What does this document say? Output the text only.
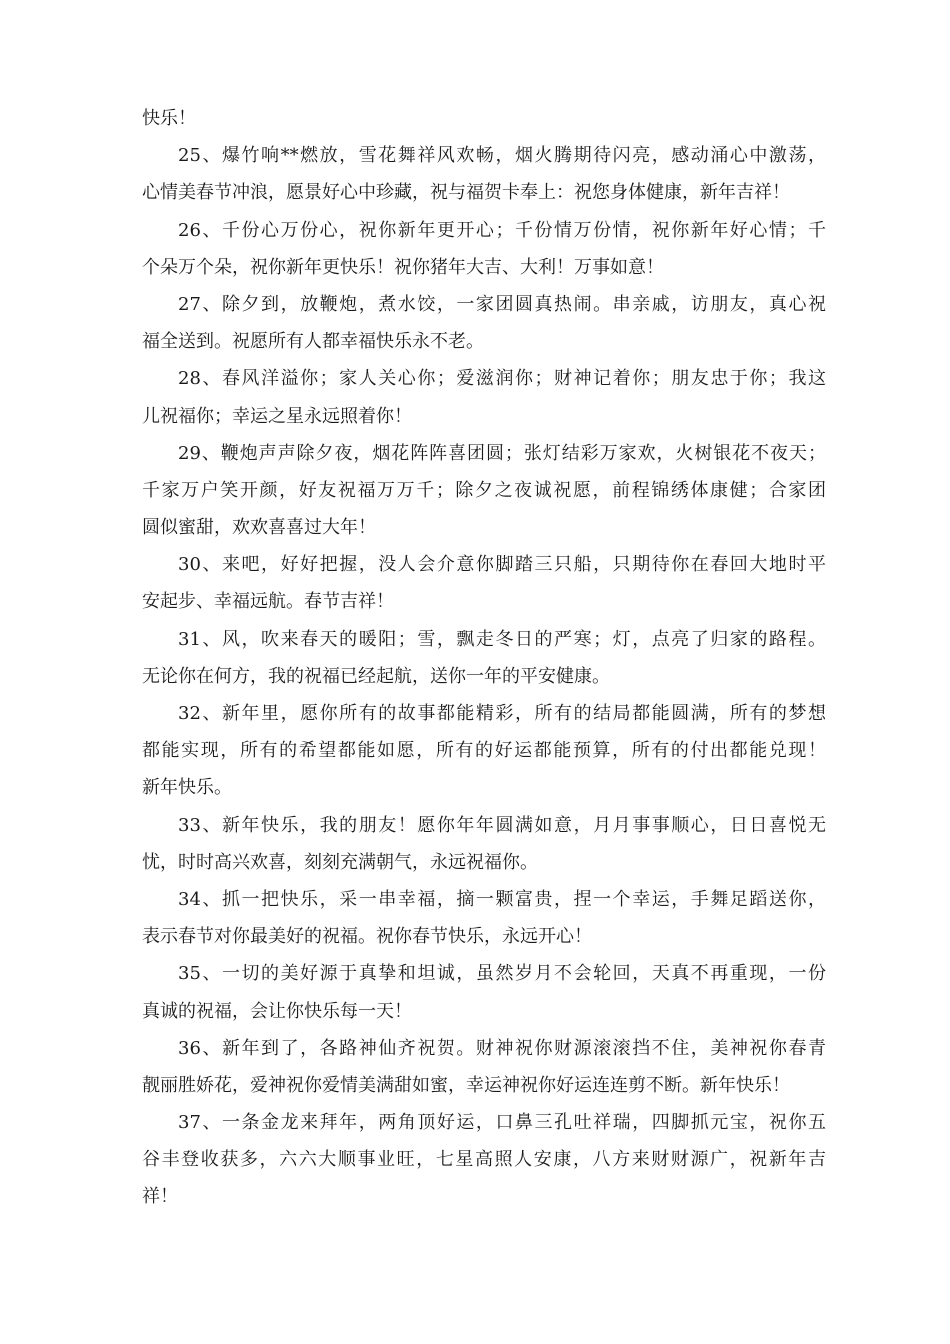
快乐！
25、爆竹响**燃放，雪花舞祥风欢畅，烟火腾期待闪亮，感动涌心中激荡，
心情美春节冲浪，愿景好心中珍藏，祝与福贺卡奉上：祝您身体健康，新年吉祥！
26、千份心万份心，祝你新年更开心；千份情万份情，祝你新年好心情；千
个朵万个朵，祝你新年更快乐！祝你猪年大吉、大利！万事如意！
27、除夕到，放鞭炮，煮水饺，一家团圆真热闹。串亲戚，访朋友，真心祝
福全送到。祝愿所有人都幸福快乐永不老。
28、春风洋溢你；家人关心你；爱滋润你；财神记着你；朋友忠于你；我这
儿祝福你；幸运之星永远照着你！
29、鞭炮声声除夕夜，烟花阵阵喜团圆；张灯结彩万家欢，火树银花不夜天；
千家万户笑开颜，好友祝福万万千；除夕之夜诚祝愿，前程锦绣体康健；合家团
圆似蜜甜，欢欢喜喜过大年！
30、来吧，好好把握，没人会介意你脚踏三只船，只期待你在春回大地时平
安起步、幸福远航。春节吉祥！
31、风，吹来春天的暖阳；雪，飘走冬日的严寒；灯，点亮了归家的路程。
无论你在何方，我的祝福已经起航，送你一年的平安健康。
32、新年里，愿你所有的故事都能精彩，所有的结局都能圆满，所有的梦想
都能实现，所有的希望都能如愿，所有的好运都能预算，所有的付出都能兑现！
新年快乐。
33、新年快乐，我的朋友！愿你年年圆满如意，月月事事顺心，日日喜悦无
忧，时时高兴欢喜，刻刻充满朝气，永远祝福你。
34、抓一把快乐，采一串幸福，摘一颗富贵，捏一个幸运，手舞足蹈送你，
表示春节对你最美好的祝福。祝你春节快乐，永远开心！
35、一切的美好源于真挚和坦诚，虽然岁月不会轮回，天真不再重现，一份
真诚的祝福，会让你快乐每一天！
36、新年到了，各路神仙齐祝贺。财神祝你财源滚滚挡不住，美神祝你春青
靓丽胜娇花，爱神祝你爱情美满甜如蜜，幸运神祝你好运连连剪不断。新年快乐！
37、一条金龙来拜年，两角顶好运，口鼻三孔吐祥瑞，四脚抓元宝，祝你五
谷丰登收获多，六六大顺事业旺，七星高照人安康，八方来财财源广，祝新年吉
祥！
